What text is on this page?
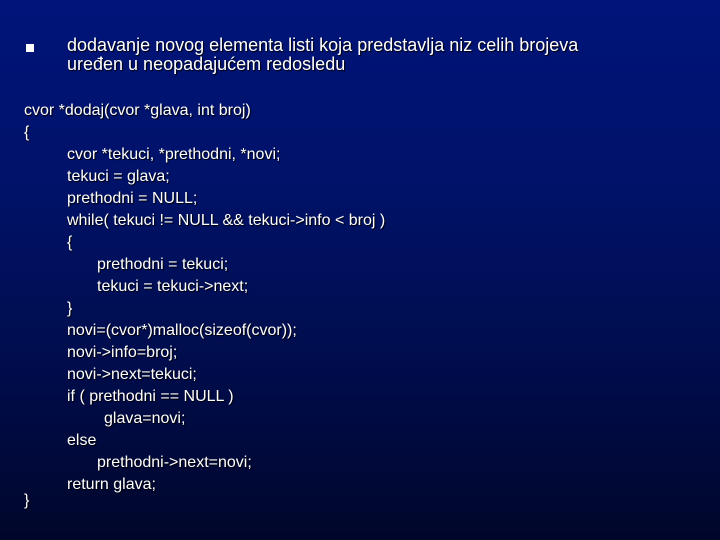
dodavanje novog elementa listi koja predstavlja niz celih brojeva
uređen u neopadajućem redosledu
cvor *dodaj(cvor *glava, int broj)
{
cvor *tekuci, *prethodni, *novi;
tekuci = glava;
prethodni = NULL;
while( tekuci != NULL && tekuci->info < broj )
{
prethodni = tekuci;
tekuci = tekuci->next;
}
novi=(cvor*)malloc(sizeof(cvor));
novi->info=broj;
novi->next=tekuci;
if ( prethodni == NULL )
glava=novi;
else
prethodni->next=novi;
return glava;
}
